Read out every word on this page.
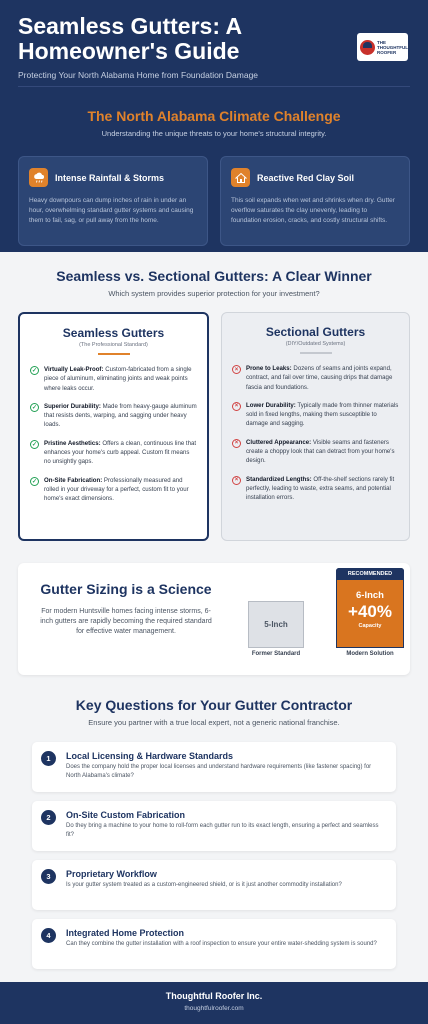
Seamless Gutters: A Homeowner's Guide
Protecting Your North Alabama Home from Foundation Damage
THE THOUGHTFUL ROOFER
The North Alabama Climate Challenge
Understanding the unique threats to your home's structural integrity.
Intense Rainfall & Storms
Heavy downpours can dump inches of rain in under an hour, overwhelming standard gutter systems and causing them to fail, sag, or pull away from the home.
Reactive Red Clay Soil
This soil expands when wet and shrinks when dry. Gutter overflow saturates the clay unevenly, leading to foundation erosion, cracks, and costly structural shifts.
Seamless vs. Sectional Gutters: A Clear Winner
Which system provides superior protection for your investment?
Seamless Gutters
(The Professional Standard)
✓	Virtually Leak-Proof: Custom-fabricated from a single piece of aluminum, eliminating joints and weak points where leaks occur.
✓	Superior Durability: Made from heavy-gauge aluminum that resists dents, warping, and sagging under heavy loads.
✓	Pristine Aesthetics: Offers a clean, continuous line that enhances your home's curb appeal. Custom fit means no unsightly gaps.
✓	On-Site Fabrication: Professionally measured and rolled in your driveway for a perfect, custom fit to your home's exact dimensions.
Sectional Gutters
(DIY/Outdated Systems)
×	Prone to Leaks: Dozens of seams and joints expand, contract, and fail over time, causing drips that damage fascia and foundations.
×	Lower Durability: Typically made from thinner materials sold in fixed lengths, making them susceptible to damage and sagging.
×	Cluttered Appearance: Visible seams and fasteners create a choppy look that can detract from your home's design.
×	Standardized Lengths: Off-the-shelf sections rarely fit perfectly, leading to waste, extra seams, and potential installation errors.
Gutter Sizing is a Science
For modern Huntsville homes facing intense storms, 6-inch gutters are rapidly becoming the required standard for effective water management.
5-Inch
Former Standard
RECOMMENDED
6-Inch
+40%
Capacity
Modern Solution
Key Questions for Your Gutter Contractor
Ensure you partner with a true local expert, not a generic national franchise.
1	Local Licensing & Hardware Standards
Does the company hold the proper local licenses and understand hardware requirements (like fastener spacing) for North Alabama's climate?
2	On-Site Custom Fabrication
Do they bring a machine to your home to roll-form each gutter run to its exact length, ensuring a perfect and seamless fit?
3	Proprietary Workflow
Is your gutter system treated as a custom-engineered shield, or is it just another commodity installation?
4	Integrated Home Protection
Can they combine the gutter installation with a roof inspection to ensure your entire water-shedding system is sound?
Thoughtful Roofer Inc.
thoughtfulroofer.com
